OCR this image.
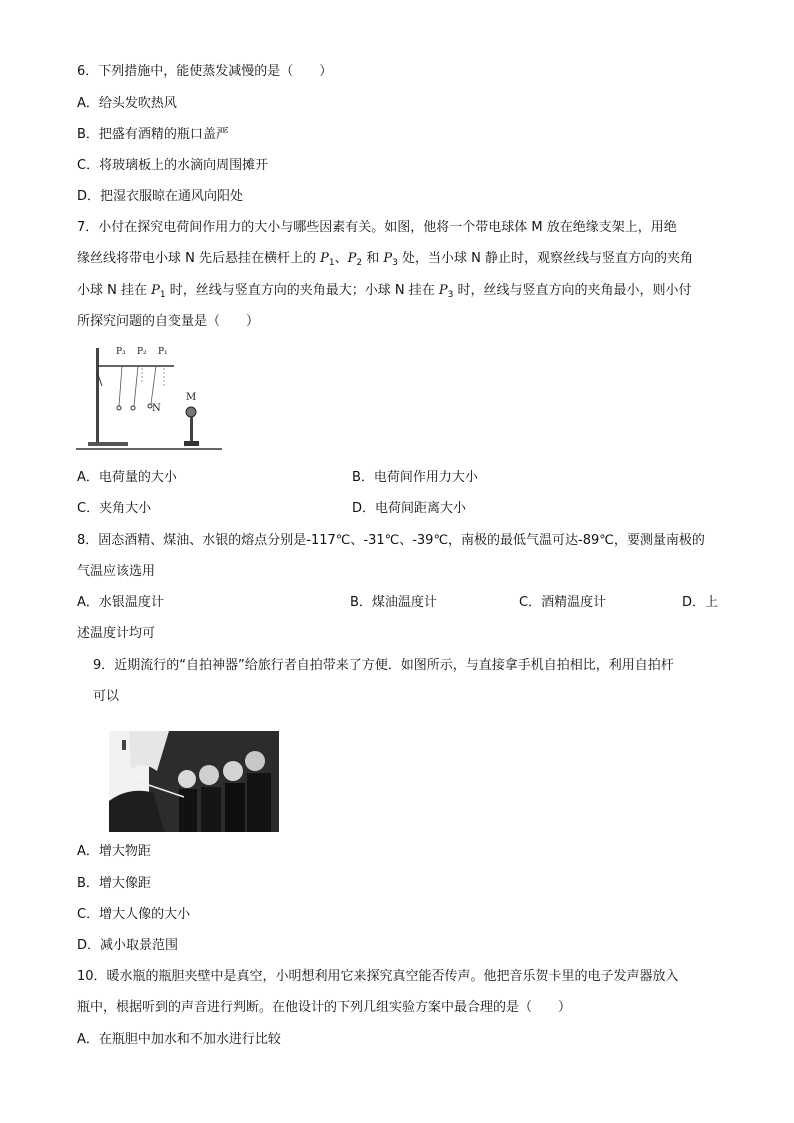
6．下列措施中，能使蒸发减慢的是（　　）
A．给头发吹热风
B．把盛有酒精的瓶口盖严
C．将玻璃板上的水滴向周围摊开
D．把湿衣服晾在通风向阳处
7．小付在探究电荷间作用力的大小与哪些因素有关。如图，他将一个带电球体 M 放在绝缘支架上，用绝
缘丝线将带电小球 N 先后悬挂在横杆上的 $P_1$、$P_2$ 和 $P_3$ 处，当小球 N 静止时，观察丝线与竖直方向的夹角
小球 N 挂在 $P_1$ 时，丝线与竖直方向的夹角最大；小球 N 挂在 $P_3$ 时，丝线与竖直方向的夹角最小，则小付
所探究问题的自变量是（　　）
P₃ P₂ P₁
N
M
A．电荷量的大小	B．电荷间作用力大小
C．夹角大小	D．电荷间距离大小
8．固态酒精、煤油、水银的熔点分别是-117℃、-31℃、-39℃，南极的最低气温可达-89℃，要测量南极的
气温应该选用
A．水银温度计	B．煤油温度计	C．酒精温度计	D．上
述温度计均可
9．近期流行的“自拍神器”给旅行者自拍带来了方便．如图所示，与直接拿手机自拍相比，利用自拍杆
可以
A．增大物距
B．增大像距
C．增大人像的大小
D．减小取景范围
10．暖水瓶的瓶胆夹壁中是真空，小明想利用它来探究真空能否传声。他把音乐贺卡里的电子发声器放入
瓶中，根据听到的声音进行判断。在他设计的下列几组实验方案中最合理的是（　　）
A．在瓶胆中加水和不加水进行比较
